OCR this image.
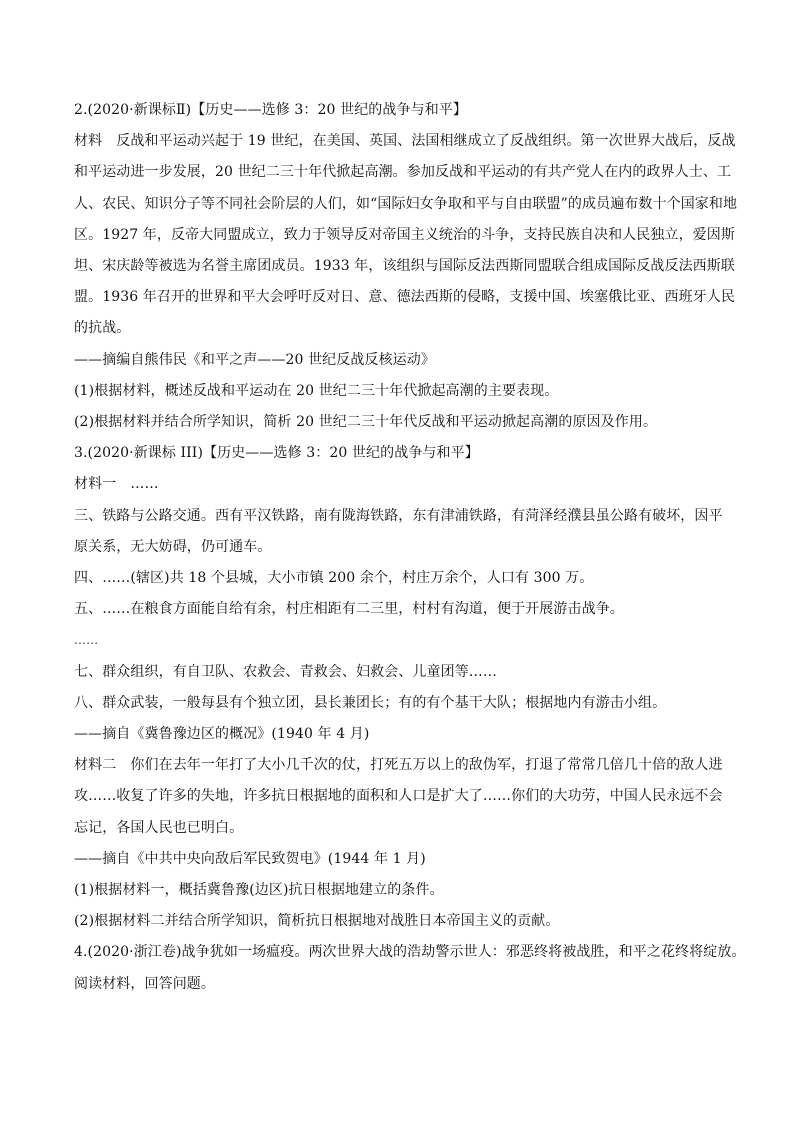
2.(2020·新课标Ⅱ)【历史——选修 3：20 世纪的战争与和平】
材料　反战和平运动兴起于 19 世纪，在美国、英国、法国相继成立了反战组织。第一次世界大战后，反战
和平运动进一步发展，20 世纪二三十年代掀起高潮。参加反战和平运动的有共产党人在内的政界人士、工
人、农民、知识分子等不同社会阶层的人们，如“国际妇女争取和平与自由联盟”的成员遍布数十个国家和地
区。1927 年，反帝大同盟成立，致力于领导反对帝国主义统治的斗争，支持民族自决和人民独立，爱因斯
坦、宋庆龄等被选为名誉主席团成员。1933 年，该组织与国际反法西斯同盟联合组成国际反战反法西斯联
盟。1936 年召开的世界和平大会呼吁反对日、意、德法西斯的侵略，支援中国、埃塞俄比亚、西班牙人民
的抗战。
——摘编自熊伟民《和平之声——20 世纪反战反核运动》
(1)根据材料，概述反战和平运动在 20 世纪二三十年代掀起高潮的主要表现。
(2)根据材料并结合所学知识，简析 20 世纪二三十年代反战和平运动掀起高潮的原因及作用。
3.(2020·新课标 III)【历史——选修 3：20 世纪的战争与和平】
材料一　……
三、铁路与公路交通。西有平汉铁路，南有陇海铁路，东有津浦铁路，有菏泽经濮县虽公路有破坏，因平
原关系，无大妨碍，仍可通车。
四、……(辖区)共 18 个县城，大小市镇 200 余个，村庄万余个，人口有 300 万。
五、……在粮食方面能自给有余，村庄相距有二三里，村村有沟道，便于开展游击战争。
……
七、群众组织，有自卫队、农救会、青救会、妇救会、儿童团等……
八、群众武装，一般每县有个独立团，县长兼团长；有的有个基干大队；根据地内有游击小组。
——摘自《冀鲁豫边区的概况》(1940 年 4 月)
材料二　你们在去年一年打了大小几千次的仗，打死五万以上的敌伪军，打退了常常几倍几十倍的敌人进
攻……收复了许多的失地，许多抗日根据地的面积和人口是扩大了……你们的大功劳，中国人民永远不会
忘记，各国人民也已明白。
——摘自《中共中央向敌后军民致贺电》(1944 年 1 月)
(1)根据材料一，概括冀鲁豫(边区)抗日根据地建立的条件。
(2)根据材料二并结合所学知识，简析抗日根据地对战胜日本帝国主义的贡献。
4.(2020·浙江卷)战争犹如一场瘟疫。两次世界大战的浩劫警示世人：邪恶终将被战胜，和平之花终将绽放。
阅读材料，回答问题。
